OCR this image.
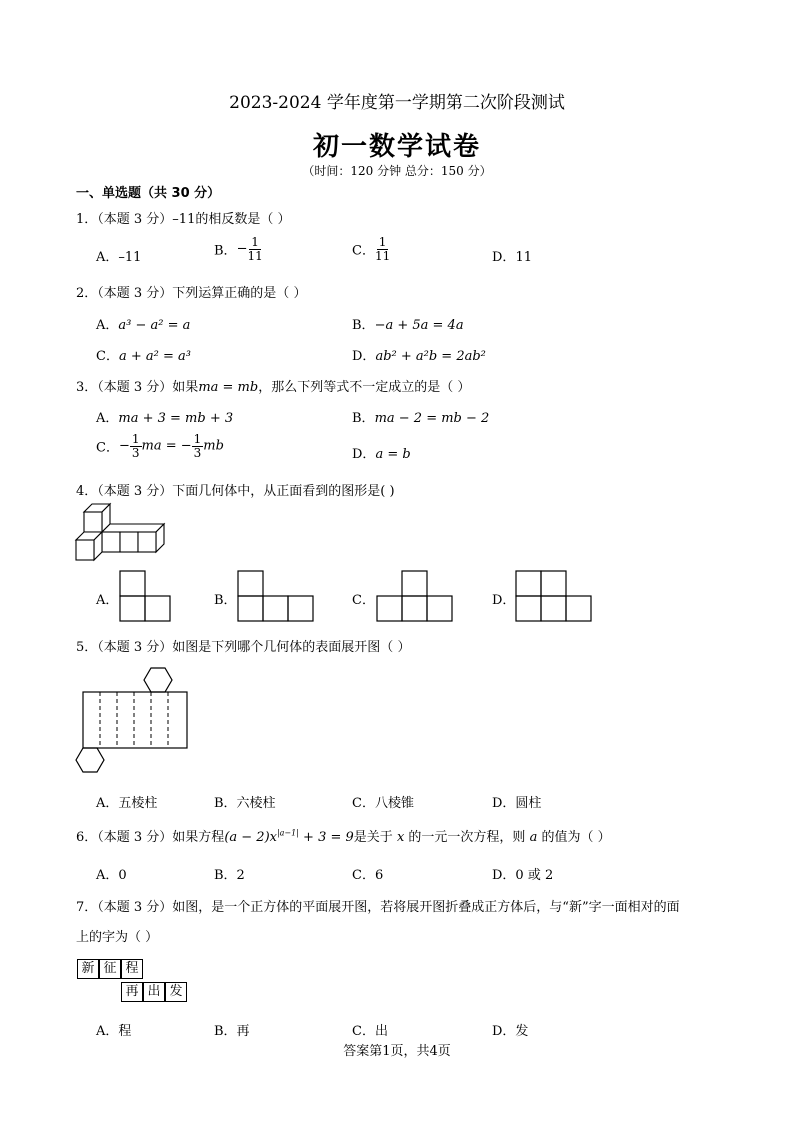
2023-2024 学年度第一学期第二次阶段测试
初一数学试卷
（时间：120 分钟 总分：150 分）
一、单选题（共 30 分）
1．（本题 3 分）–11的相反数是（ ）
A．–11	B．− $\frac{1}{11}$	C． $\frac{1}{11}$	D．11
2．（本题 3 分）下列运算正确的是（ ）
A．a³ − a² = a	B．−a + 5a = 4a
C．a + a² = a³	D．ab² + a²b = 2ab²
3．（本题 3 分）如果ma = mb，那么下列等式不一定成立的是（ ）
A．ma + 3 = mb + 3	B．ma − 2 = mb − 2
C．− $\frac{1}{3}$ ma = − $\frac{1}{3}$ mb
D．a = b
4．（本题 3 分）下面几何体中，从正面看到的图形是( )
A．	B．	C．	D．
5．（本题 3 分）如图是下列哪个几何体的表面展开图（ ）
A．五棱柱	B．六棱柱	C．八棱锥	D．圆柱
6．（本题 3 分）如果方程$(a - 2)x^{|a-1|} + 3 = 9$是关于 x 的一元一次方程，则 a 的值为（ ）
A．0	B．2	C．6	D．0 或 2
7．（本题 3 分）如图，是一个正方体的平面展开图，若将展开图折叠成正方体后，与“新”字一面相对的面
上的字为（ ）
新 征 程
再 出 发
A．程	B．再	C．出	D．发
答案第1页，共4页
